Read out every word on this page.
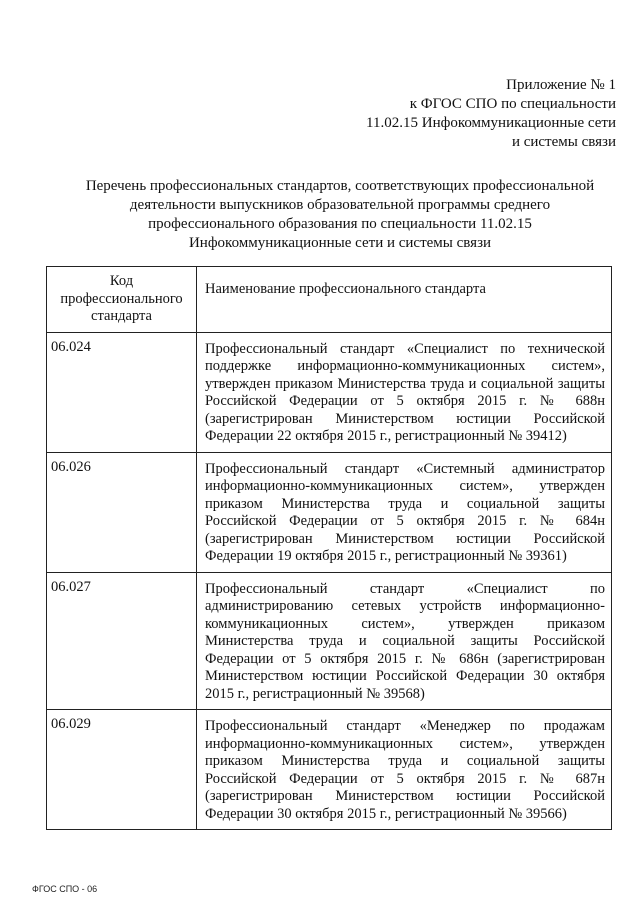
Приложение № 1
к ФГОС СПО по специальности
11.02.15 Инфокоммуникационные сети
и системы связи
Перечень профессиональных стандартов, соответствующих профессиональной
деятельности выпускников образовательной программы среднего
профессионального образования по специальности 11.02.15
Инфокоммуникационные сети и системы связи
Код профессионального стандарта	Наименование профессионального стандарта
06.024	Профессиональный стандарт «Специалист по технической поддержке информационно-коммуникационных систем», утвержден приказом Министерства труда и социальной защиты Российской Федерации от 5 октября 2015 г. № 688н (зарегистрирован Министерством юстиции Российской Федерации 22 октября 2015 г., регистрационный № 39412)
06.026	Профессиональный стандарт «Системный администратор информационно-коммуникационных систем», утвержден приказом Министерства труда и социальной защиты Российской Федерации от 5 октября 2015 г. № 684н (зарегистрирован Министерством юстиции Российской Федерации 19 октября 2015 г., регистрационный № 39361)
06.027	Профессиональный стандарт «Специалист по администрированию сетевых устройств информационно-коммуникационных систем», утвержден приказом Министерства труда и социальной защиты Российской Федерации от 5 октября 2015 г. № 686н (зарегистрирован Министерством юстиции Российской Федерации 30 октября 2015 г., регистрационный № 39568)
06.029	Профессиональный стандарт «Менеджер по продажам информационно-коммуникационных систем», утвержден приказом Министерства труда и социальной защиты Российской Федерации от 5 октября 2015 г. № 687н (зарегистрирован Министерством юстиции Российской Федерации 30 октября 2015 г., регистрационный № 39566)
ФГОС СПО - 06
